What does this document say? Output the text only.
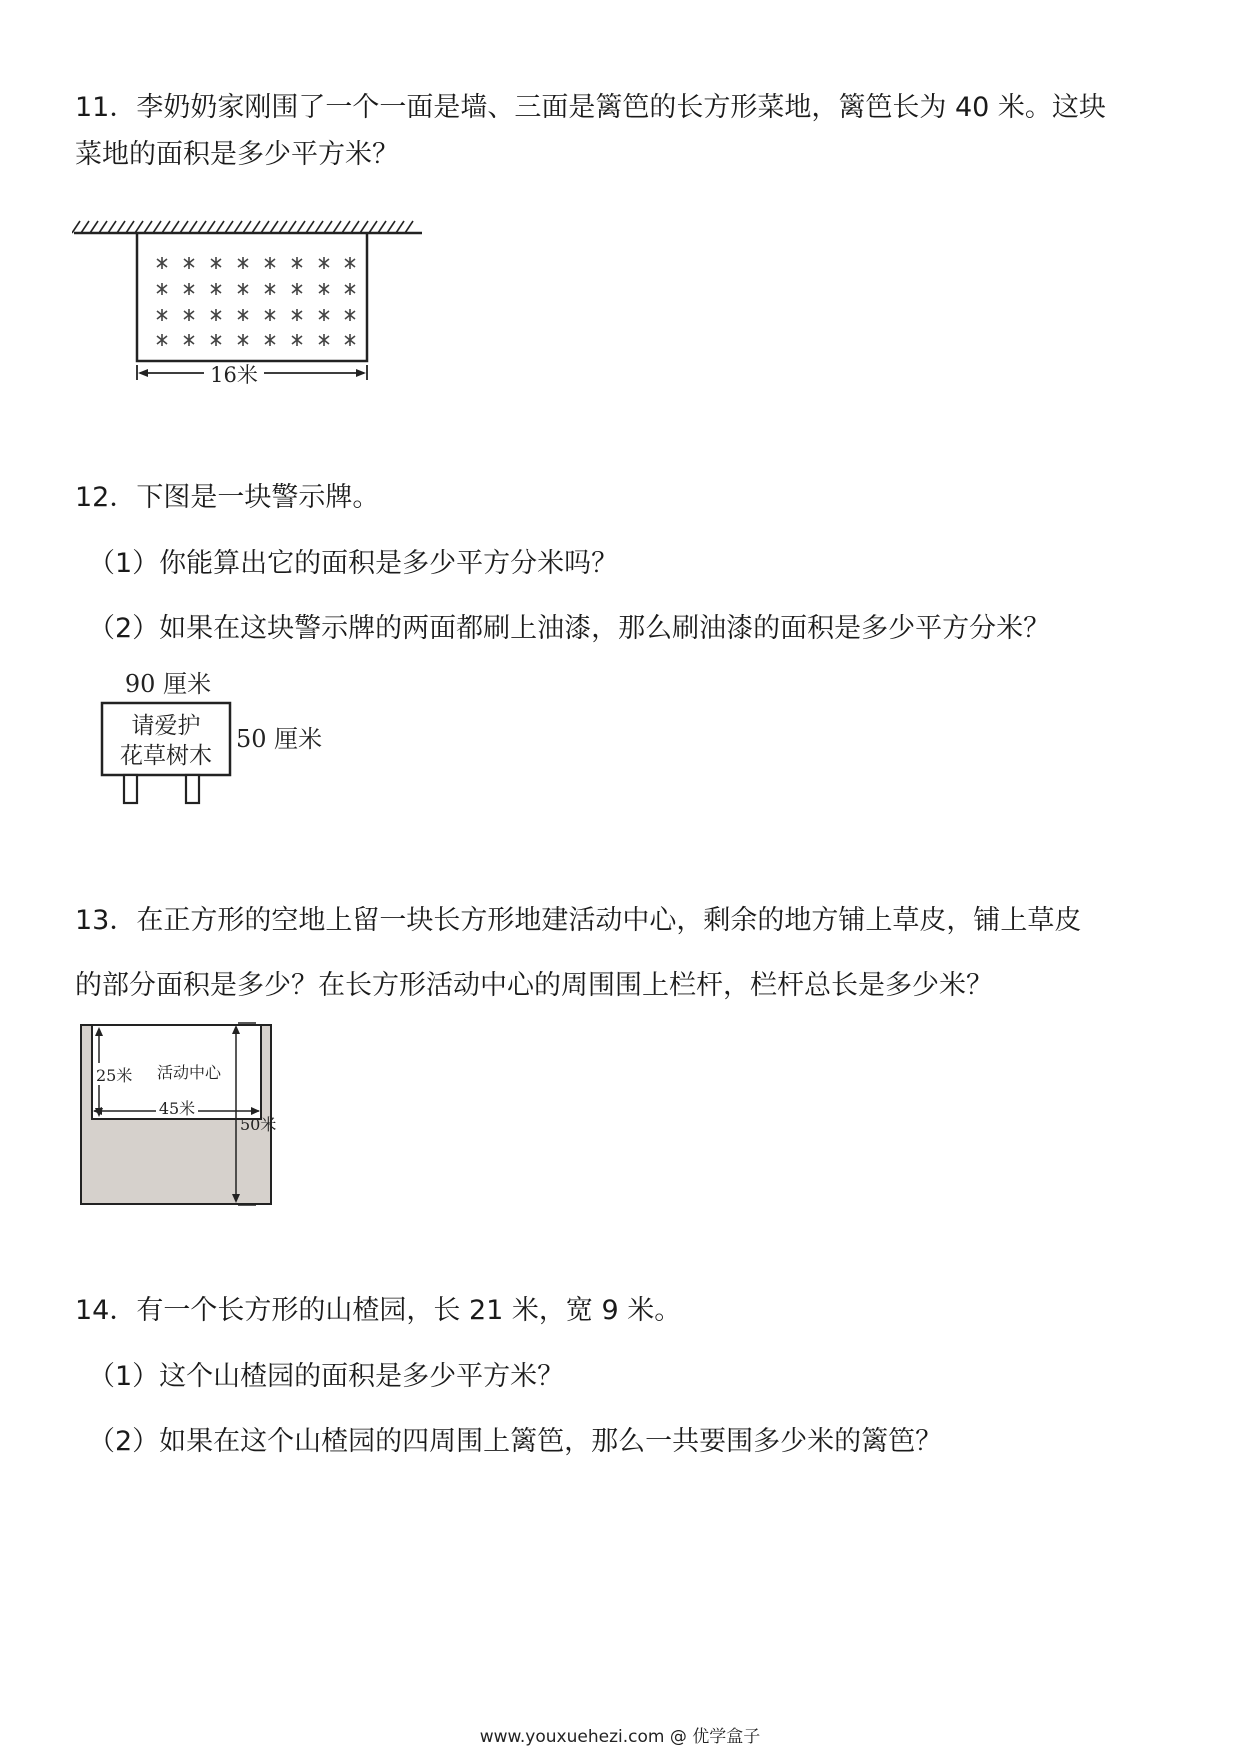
11．李奶奶家刚围了一个一面是墙、三面是篱笆的长方形菜地，篱笆长为 40 米。这块
菜地的面积是多少平方米？
16米
12．下图是一块警示牌。
（1）你能算出它的面积是多少平方分米吗？
（2）如果在这块警示牌的两面都刷上油漆，那么刷油漆的面积是多少平方分米？
90 厘米
请爱护
花草树木
50 厘米
13．在正方形的空地上留一块长方形地建活动中心，剩余的地方铺上草皮，铺上草皮
的部分面积是多少？在长方形活动中心的周围围上栏杆，栏杆总长是多少米？
25米 活动中心
45米
50米
14．有一个长方形的山楂园，长 21 米，宽 9 米。
（1）这个山楂园的面积是多少平方米？
（2）如果在这个山楂园的四周围上篱笆，那么一共要围多少米的篱笆？
www.youxuehezi.com @ 优学盒子
